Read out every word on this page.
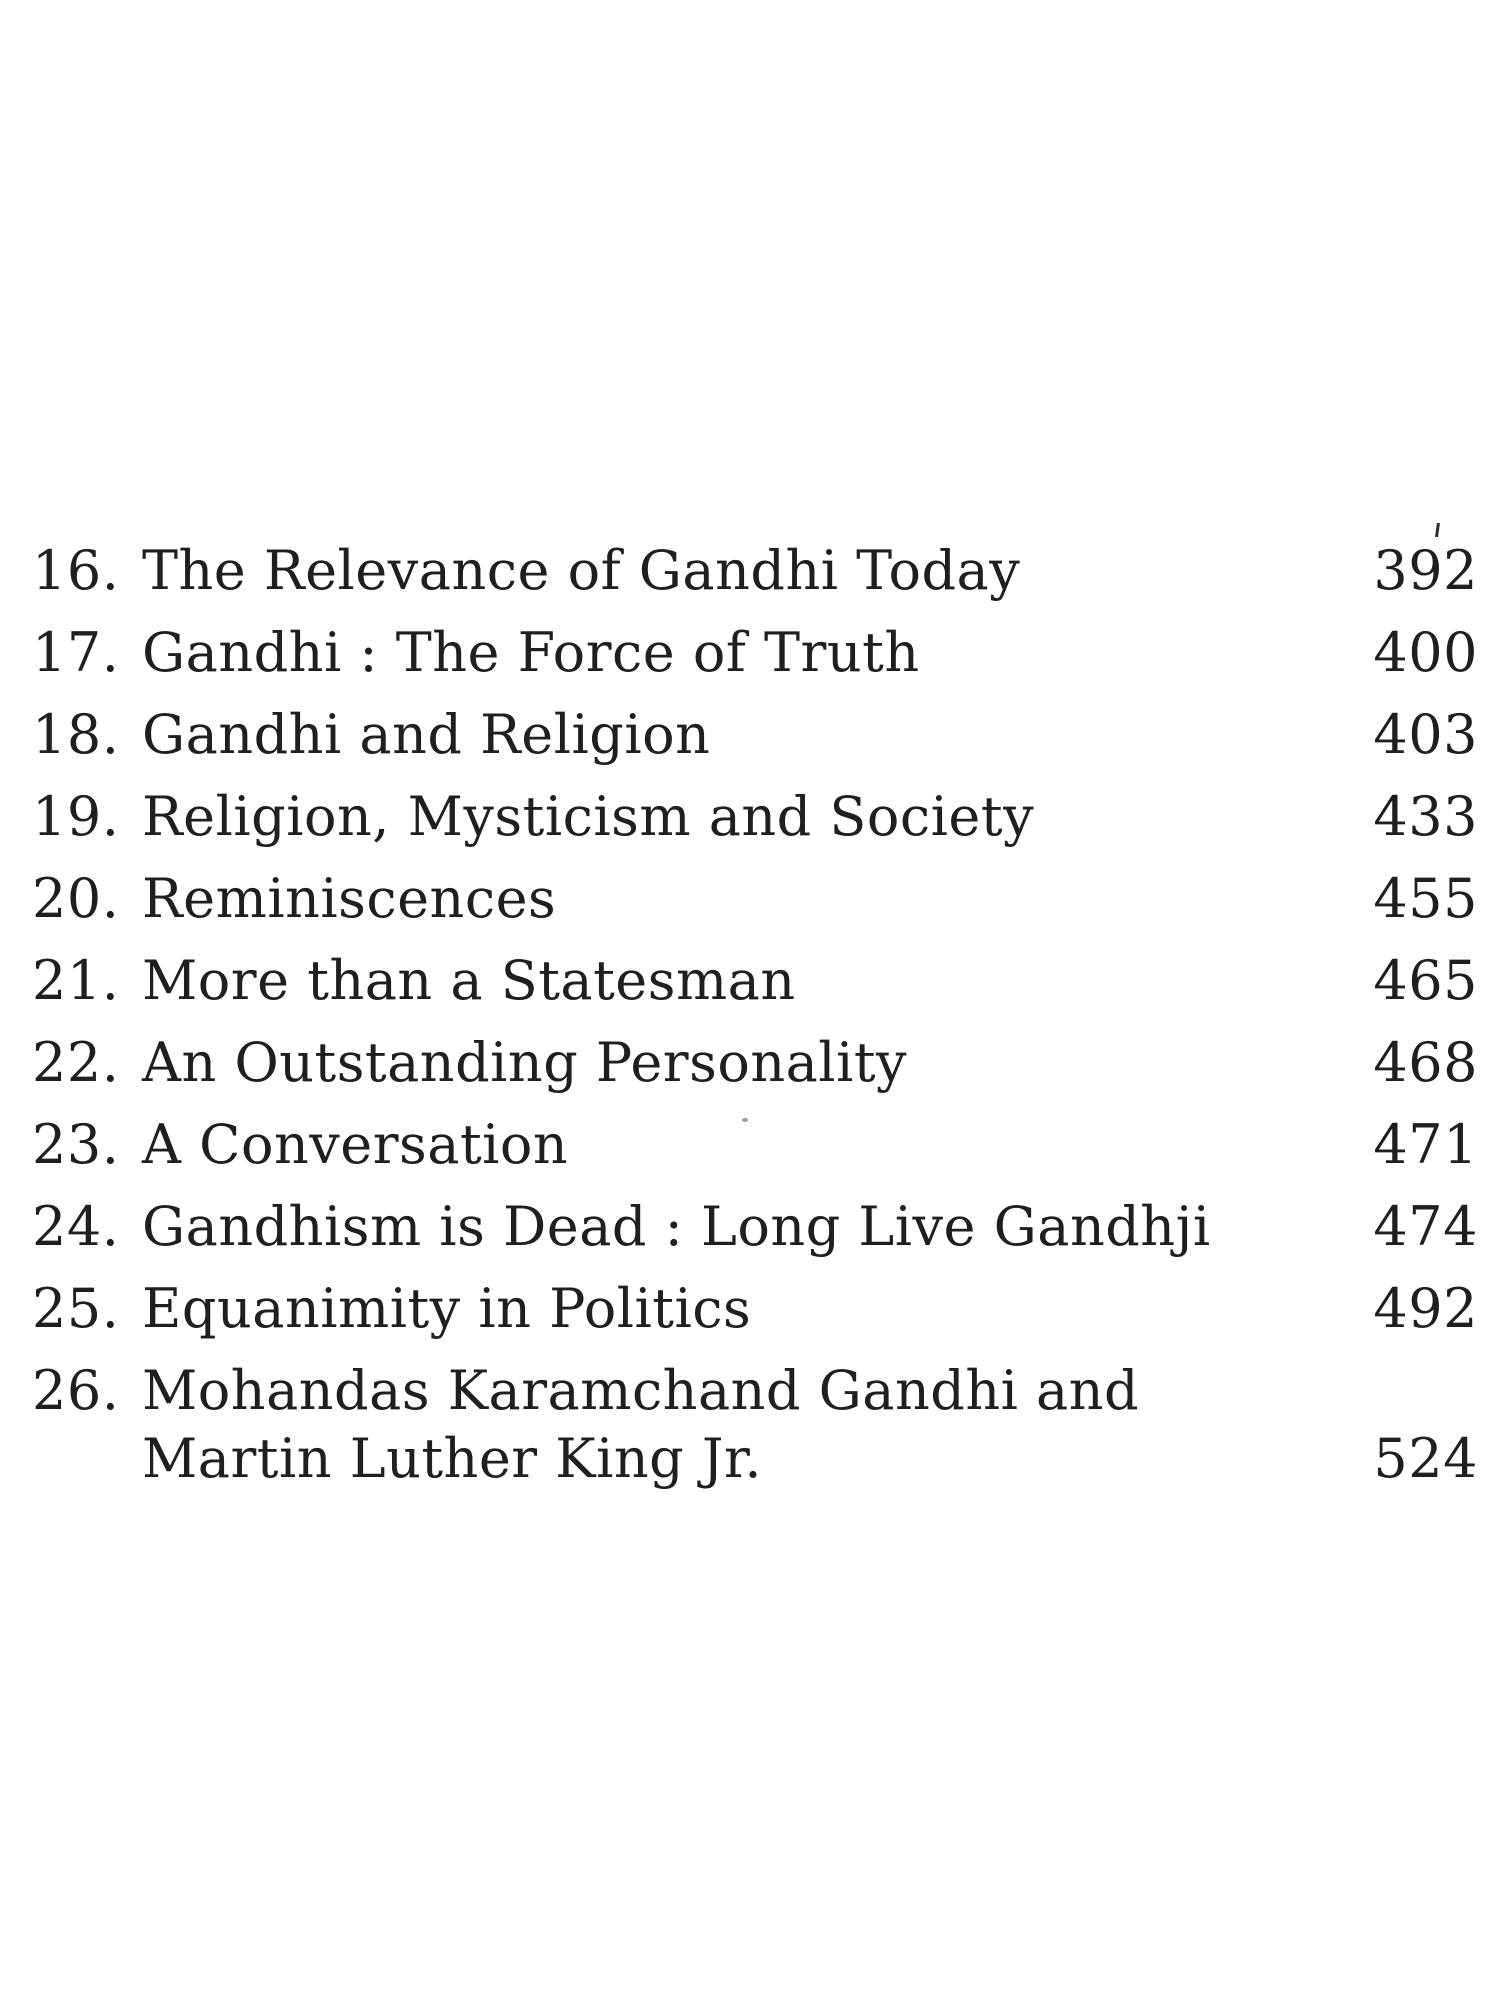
16. The Relevance of Gandhi Today	392
17. Gandhi : The Force of Truth	400
18. Gandhi and Religion	403
19. Religion, Mysticism and Society	433
20. Reminiscences	455
21. More than a Statesman	465
22. An Outstanding Personality	468
23. A Conversation	471
24. Gandhism is Dead : Long Live Gandhji	474
25. Equanimity in Politics	492
26. Mohandas Karamchand Gandhi and
Martin Luther King Jr.	524
